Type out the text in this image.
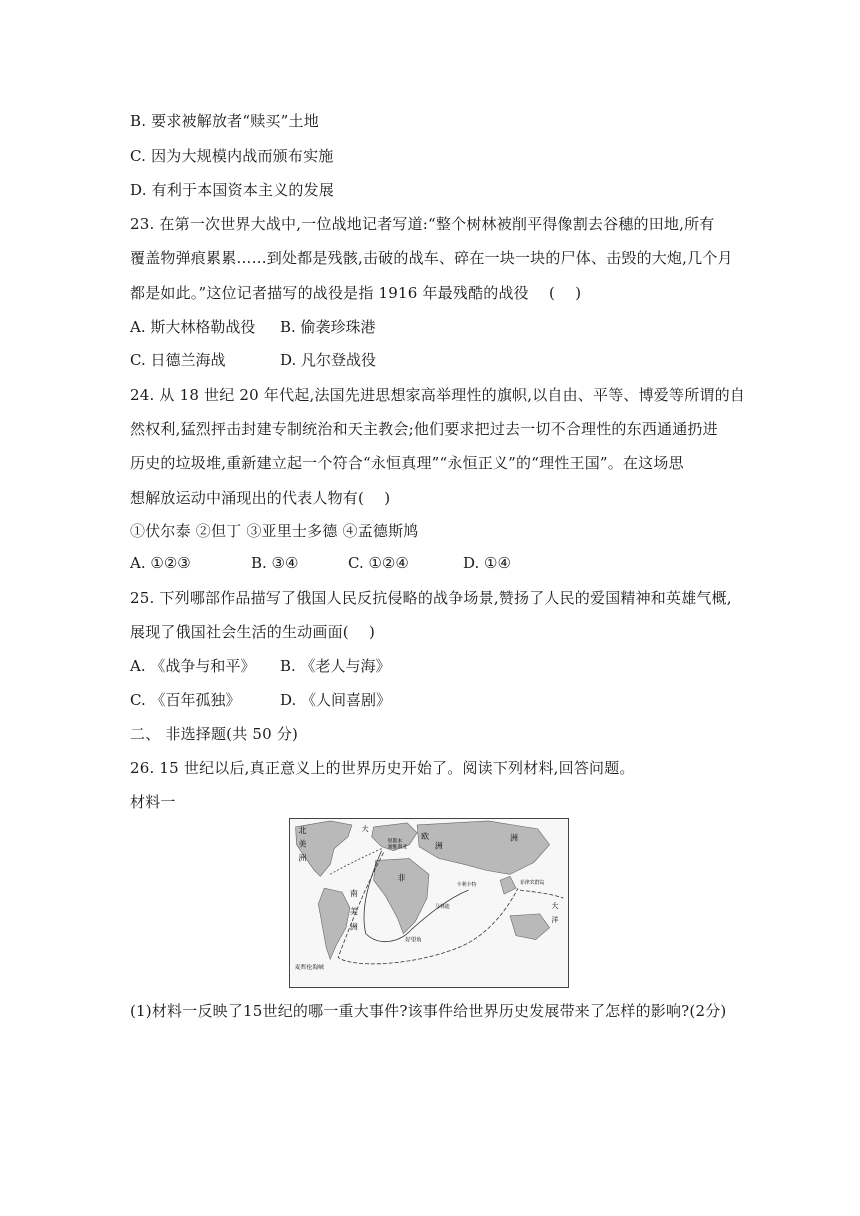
B. 要求被解放者“赎买”土地
C. 因为大规模内战而颁布实施
D. 有利于本国资本主义的发展
23. 在第一次世界大战中,一位战地记者写道:“整个树林被削平得像割去谷穗的田地,所有
覆盖物弹痕累累……到处都是残骸,击破的战车、碎在一块一块的尸体、击毁的大炮,几个月
都是如此。”这位记者描写的战役是指 1916 年最残酷的战役　 (　 )
A. 斯大林格勒战役 B. 偷袭珍珠港
C. 日德兰海战	D. 凡尔登战役
24. 从 18 世纪 20 年代起,法国先进思想家高举理性的旗帜,以自由、平等、博爱等所谓的自
然权利,猛烈抨击封建专制统治和天主教会;他们要求把过去一切不合理性的东西通通扔进
历史的垃圾堆,重新建立起一个符合“永恒真理”“永恒正义”的“理性王国”。在这场思
想解放运动中涌现出的代表人物有(　 )
①伏尔泰 ②但丁 ③亚里士多德 ④孟德斯鸠
A. ①②③	B. ③④	C. ①②④	D. ①④
25. 下列哪部作品描写了俄国人民反抗侵略的战争场景,赞扬了人民的爱国精神和英雄气概,
展现了俄国社会生活的生动画面(　 )
A. 《战争与和平》 B. 《老人与海》
C. 《百年孤独》	D. 《人间喜剧》
二、 非选择题(共 50 分)
26. 15 世纪以后,真正意义上的世界历史开始了。阅读下列材料,回答问题。
材料一
北
美
洲
大
欧
洲
洲
非
南
美
洲
大
洋
麦哲伦海峡
好望角
里斯本
塞维利亚
卡利卡特	菲律宾群岛
马林迪
(1)材料一反映了15世纪的哪一重大事件?该事件给世界历史发展带来了怎样的影响?(2分)
